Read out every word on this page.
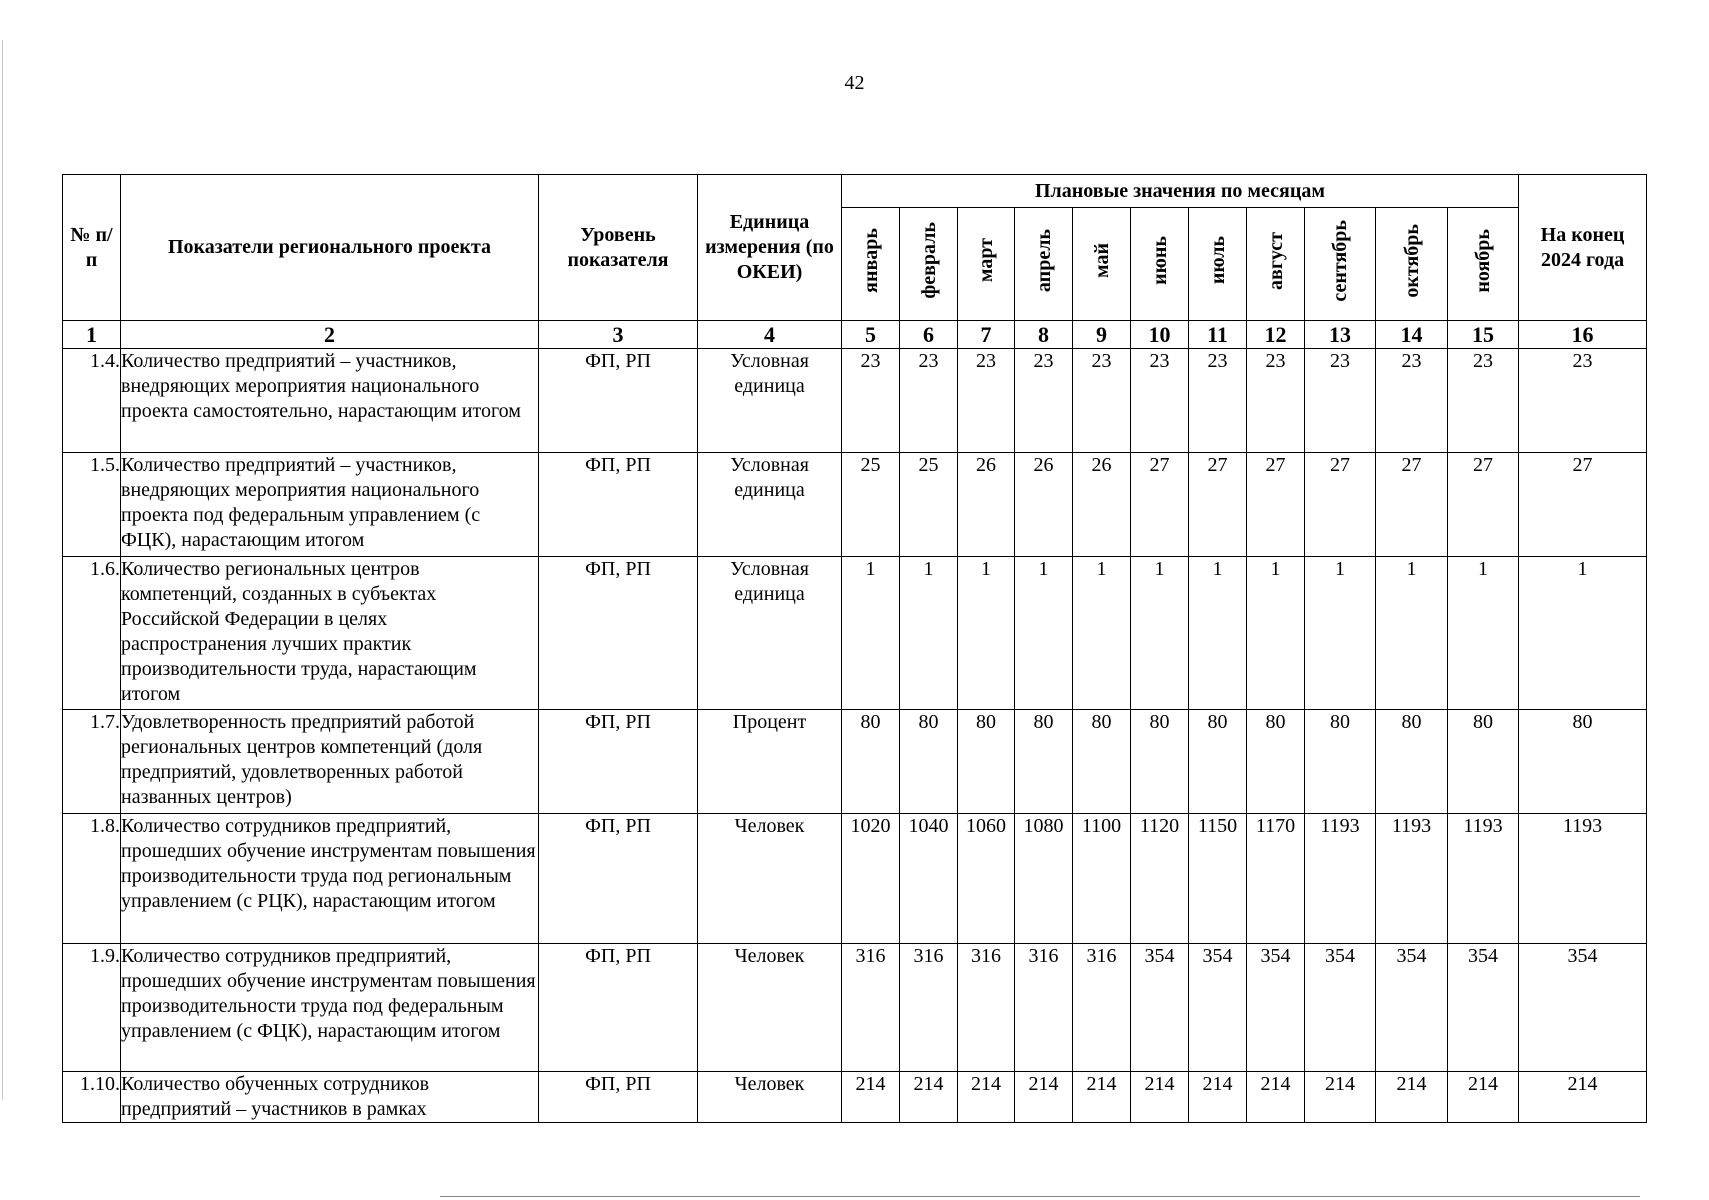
42
№ п/п	Показатели регионального проекта	Уровень показателя	Единица измерения (по ОКЕИ)	Плановые значения по месяцам											На конец 2024 года

				январь	февраль	март	апрель	май	июнь	июль	август	сентябрь	октябрь	ноябрь	
1	2	3	4	5	6	7	8	9	10	11	12	13	14	15	16
1.4.	Количество предприятий – участников, внедряющих мероприятия национального проекта самостоятельно, нарастающим итогом	ФП, РП	Условная единица	23	23	23	23	23	23	23	23	23	23	23	23
1.5.	Количество предприятий – участников, внедряющих мероприятия национального проекта под федеральным управлением (с ФЦК), нарастающим итогом	ФП, РП	Условная единица	25	25	26	26	26	27	27	27	27	27	27	27
1.6.	Количество региональных центров компетенций, созданных в субъектах Российской Федерации в целях распространения лучших практик производительности труда, нарастающим итогом	ФП, РП	Условная единица	1	1	1	1	1	1	1	1	1	1	1	1
1.7.	Удовлетворенность предприятий работой региональных центров компетенций (доля предприятий, удовлетворенных работой названных центров)	ФП, РП	Процент	80	80	80	80	80	80	80	80	80	80	80	80
1.8.	Количество сотрудников предприятий, прошедших обучение инструментам повышения производительности труда под региональным управлением (с РЦК), нарастающим итогом	ФП, РП	Человек	1020	1040	1060	1080	1100	1120	1150	1170	1193	1193	1193	1193
1.9.	Количество сотрудников предприятий, прошедших обучение инструментам повышения производительности труда под федеральным управлением (с ФЦК), нарастающим итогом	ФП, РП	Человек	316	316	316	316	316	354	354	354	354	354	354	354
1.10.	Количество обученных сотрудников предприятий – участников в рамках	ФП, РП	Человек	214	214	214	214	214	214	214	214	214	214	214	214
